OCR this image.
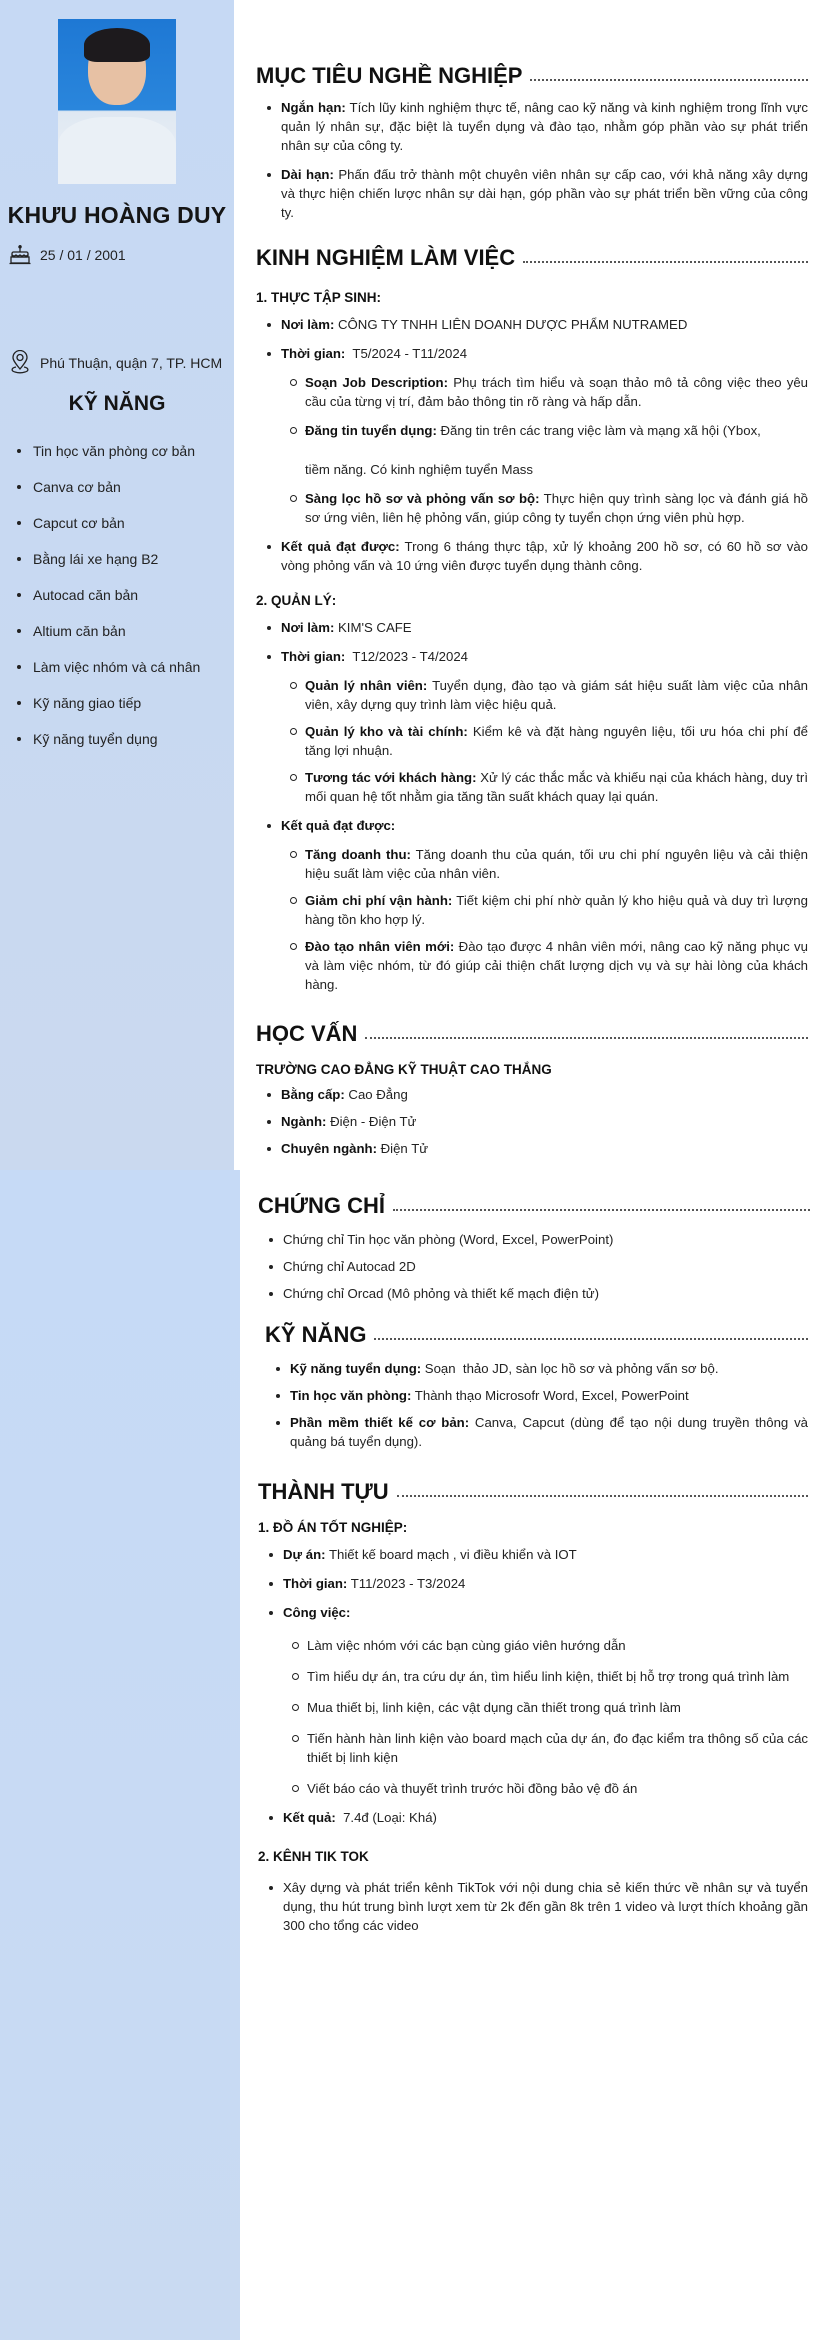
KHƯU HOÀNG DUY
25 / 01 / 2001
Phú Thuận, quận 7, TP. HCM
KỸ NĂNG
Tin học văn phòng cơ bản
Canva cơ bản
Capcut cơ bản
Bằng lái xe hạng B2
Autocad căn bản
Altium căn bản
Làm việc nhóm và cá nhân
Kỹ năng giao tiếp
Kỹ năng tuyển dụng
MỤC TIÊU NGHỀ NGHIỆP
Ngắn hạn: Tích lũy kinh nghiệm thực tế, nâng cao kỹ năng và kinh nghiệm trong lĩnh vực quản lý nhân sự, đặc biệt là tuyển dụng và đào tạo, nhằm góp phần vào sự phát triển nhân sự của công ty.
Dài hạn: Phấn đấu trở thành một chuyên viên nhân sự cấp cao, với khả năng xây dựng và thực hiện chiến lược nhân sự dài hạn, góp phần vào sự phát triển bền vững của công ty.
KINH NGHIỆM LÀM VIỆC
1. THỰC TẬP SINH:
Nơi làm: CÔNG TY TNHH LIÊN DOANH DƯỢC PHẨM NUTRAMED
Thời gian:  T5/2024 - T11/2024
Soạn Job Description: Phụ trách tìm hiểu và soạn thảo mô tả công việc theo yêu cầu của từng vị trí, đảm bảo thông tin rõ ràng và hấp dẫn.
Đăng tin tuyển dụng: Đăng tin trên các trang việc làm và mạng xã hội (Ybox,
tiềm năng. Có kinh nghiệm tuyển Mass
Sàng lọc hồ sơ và phỏng vấn sơ bộ: Thực hiện quy trình sàng lọc và đánh giá hồ sơ ứng viên, liên hệ phỏng vấn, giúp công ty tuyển chọn ứng viên phù hợp.
Kết quả đạt được: Trong 6 tháng thực tập, xử lý khoảng 200 hồ sơ, có 60 hồ sơ vào vòng phỏng vấn và 10 ứng viên được tuyển dụng thành công.
2. QUẢN LÝ:
Nơi làm: KIM'S CAFE
Thời gian:  T12/2023 - T4/2024
Quản lý nhân viên: Tuyển dụng, đào tạo và giám sát hiệu suất làm việc của nhân viên, xây dựng quy trình làm việc hiệu quả.
Quản lý kho và tài chính: Kiểm kê và đặt hàng nguyên liệu, tối ưu hóa chi phí để tăng lợi nhuận.
Tương tác với khách hàng: Xử lý các thắc mắc và khiếu nại của khách hàng, duy trì mối quan hệ tốt nhằm gia tăng tần suất khách quay lại quán.
Kết quả đạt được:
Tăng doanh thu: Tăng doanh thu của quán, tối ưu chi phí nguyên liệu và cải thiện hiệu suất làm việc của nhân viên.
Giảm chi phí vận hành: Tiết kiệm chi phí nhờ quản lý kho hiệu quả và duy trì lượng hàng tồn kho hợp lý.
Đào tạo nhân viên mới: Đào tạo được 4 nhân viên mới, nâng cao kỹ năng phục vụ và làm việc nhóm, từ đó giúp cải thiện chất lượng dịch vụ và sự hài lòng của khách hàng.
HỌC VẤN
TRƯỜNG CAO ĐẲNG KỸ THUẬT CAO THẮNG
Bằng cấp: Cao Đẳng
Ngành: Điện - Điện Tử
Chuyên ngành: Điện Tử
CHỨNG CHỈ
Chứng chỉ Tin học văn phòng (Word, Excel, PowerPoint)
Chứng chỉ Autocad 2D
Chứng chỉ Orcad (Mô phỏng và thiết kế mạch điện tử)
KỸ NĂNG
Kỹ năng tuyển dụng: Soạn  thảo JD, sàn lọc hồ sơ và phỏng vấn sơ bộ.
Tin học văn phòng: Thành thạo Microsofr Word, Excel, PowerPoint
Phần mềm thiết kế cơ bản: Canva, Capcut (dùng để tạo nội dung truyền thông và quảng bá tuyển dụng).
THÀNH TỰU
1. ĐỒ ÁN TỐT NGHIỆP:
Dự án: Thiết kế board mạch , vi điều khiển và IOT
Thời gian: T11/2023 - T3/2024
Công việc:
Làm việc nhóm với các bạn cùng giáo viên hướng dẫn
Tìm hiểu dự án, tra cứu dự án, tìm hiểu linh kiện, thiết bị hỗ trợ trong quá trình làm
Mua thiết bị, linh kiện, các vật dụng cần thiết trong quá trình làm
Tiến hành hàn linh kiện vào board mạch của dự án, đo đạc kiểm tra thông số của các thiết bị linh kiện
Viết báo cáo và thuyết trình trước hồi đồng bảo vệ đồ án
Kết quả:  7.4đ (Loại: Khá)
2. KÊNH TIK TOK
Xây dựng và phát triển kênh TikTok với nội dung chia sẻ kiến thức về nhân sự và tuyển dụng, thu hút trung bình lượt xem từ 2k đến gần 8k trên 1 video và lượt thích khoảng gần 300 cho tổng các video
